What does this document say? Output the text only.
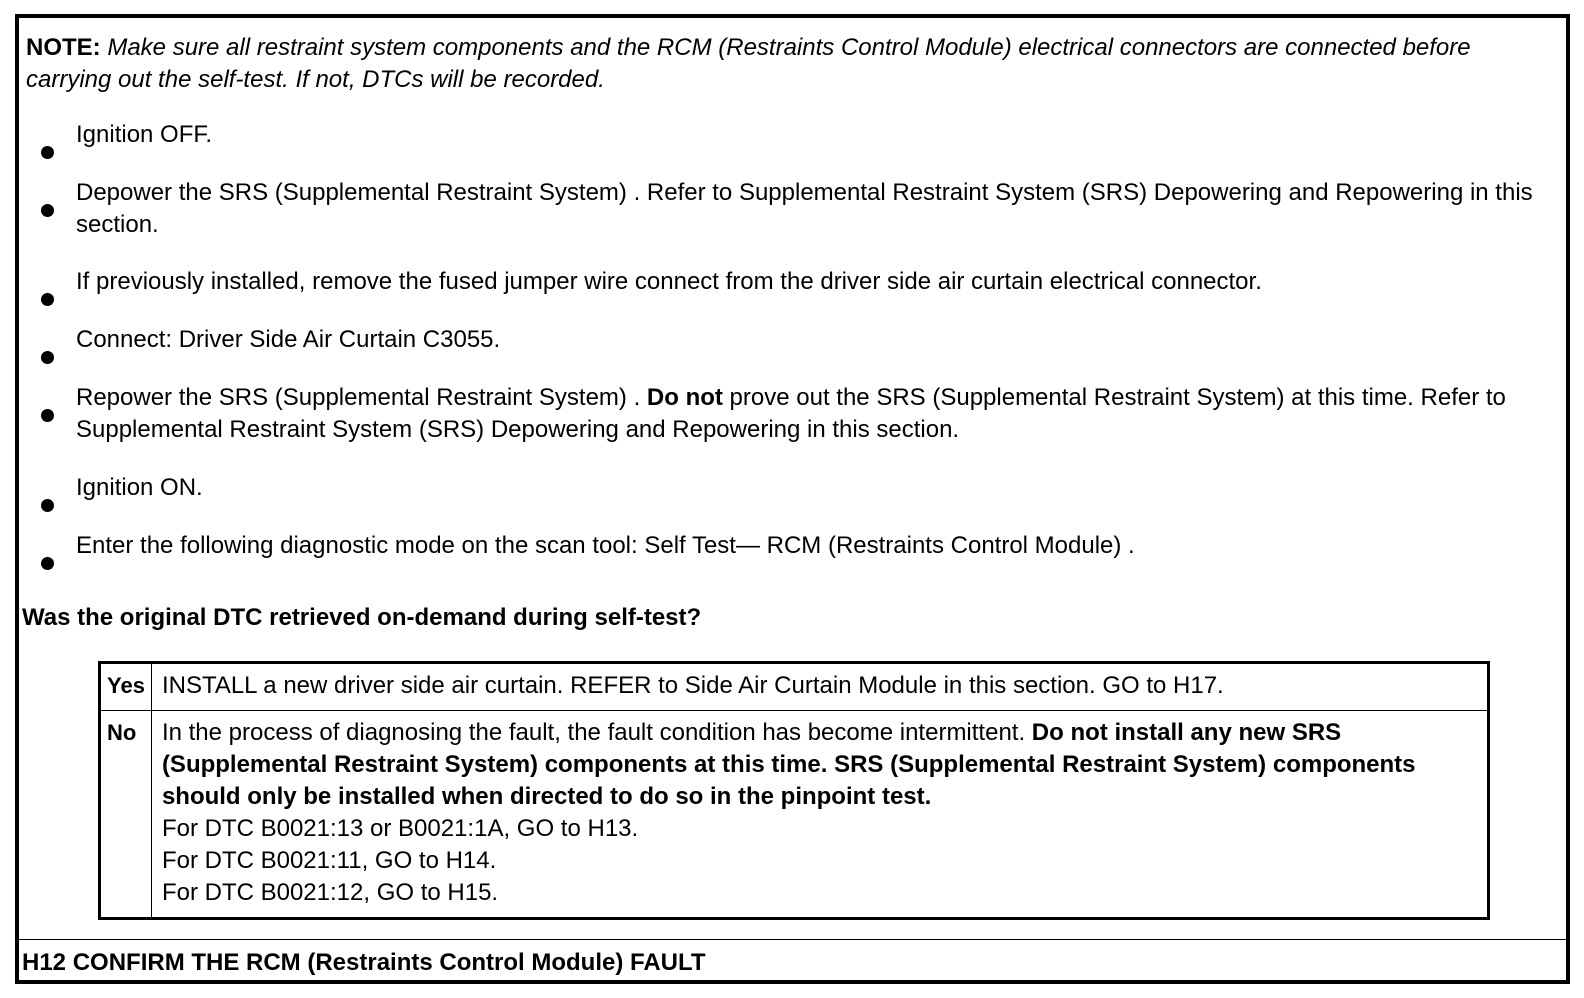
NOTE: Make sure all restraint system components and the RCM (Restraints Control Module) electrical connectors are connected before carrying out the self-test. If not, DTCs will be recorded.
Ignition OFF.
Depower the SRS (Supplemental Restraint System) . Refer to Supplemental Restraint System (SRS) Depowering and Repowering in this section.
If previously installed, remove the fused jumper wire connect from the driver side air curtain electrical connector.
Connect: Driver Side Air Curtain C3055.
Repower the SRS (Supplemental Restraint System) . Do not prove out the SRS (Supplemental Restraint System) at this time. Refer to Supplemental Restraint System (SRS) Depowering and Repowering in this section.
Ignition ON.
Enter the following diagnostic mode on the scan tool: Self Test— RCM (Restraints Control Module) .
Was the original DTC retrieved on-demand during self-test?
Yes	INSTALL a new driver side air curtain. REFER to Side Air Curtain Module in this section. GO to H17.
No	In the process of diagnosing the fault, the fault condition has become intermittent. Do not install any new SRS (Supplemental Restraint System) components at this time. SRS (Supplemental Restraint System) components should only be installed when directed to do so in the pinpoint test.
For DTC B0021:13 or B0021:1A, GO to H13.
For DTC B0021:11, GO to H14.
For DTC B0021:12, GO to H15.
H12 CONFIRM THE RCM (Restraints Control Module) FAULT
